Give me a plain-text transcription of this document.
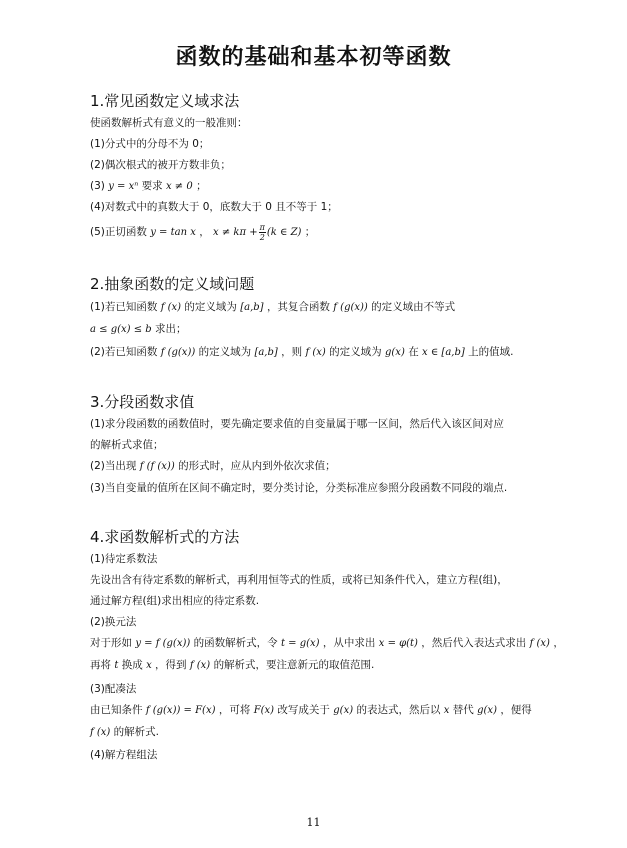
函数的基础和基本初等函数
1.常见函数定义域求法
使函数解析式有意义的一般准则：
(1)分式中的分母不为 0；
(2)偶次根式的被开方数非负；
(3) y = xⁿ 要求 x ≠ 0 ；
(4)对数式中的真数大于 0，底数大于 0 且不等于 1；
(5)正切函数 y = tan x ， $x \ne k\pi + \frac{\pi}{2} (k$ ∈ Z) ；
2.抽象函数的定义域问题
(1)若已知函数 f (x) 的定义域为 [a,b] ，其复合函数 f (g(x)) 的定义域由不等式
a ≤ g(x) ≤ b 求出；
(2)若已知函数 f (g(x)) 的定义域为 [a,b] ，则 f (x) 的定义域为 g(x) 在 x ∈ [a,b] 上的值域.
3.分段函数求值
(1)求分段函数的函数值时，要先确定要求值的自变量属于哪一区间，然后代入该区间对应
的解析式求值；
(2)当出现 f (f (x)) 的形式时，应从内到外依次求值；
(3)当自变量的值所在区间不确定时，要分类讨论，分类标准应参照分段函数不同段的端点.
4.求函数解析式的方法
(1)待定系数法
先设出含有待定系数的解析式，再利用恒等式的性质，或将已知条件代入，建立方程(组)，
通过解方程(组)求出相应的待定系数.
(2)换元法
对于形如 y = f (g(x)) 的函数解析式，令 t = g(x) ，从中求出 x = φ(t) ，然后代入表达式求出 f (x) ，
再将 t 换成 x ，得到 f (x) 的解析式，要注意新元的取值范围.
(3)配凑法
由已知条件 f (g(x)) = F(x) ，可将 F(x) 改写成关于 g(x) 的表达式，然后以 x 替代 g(x) ，便得
f (x) 的解析式.
(4)解方程组法
11
